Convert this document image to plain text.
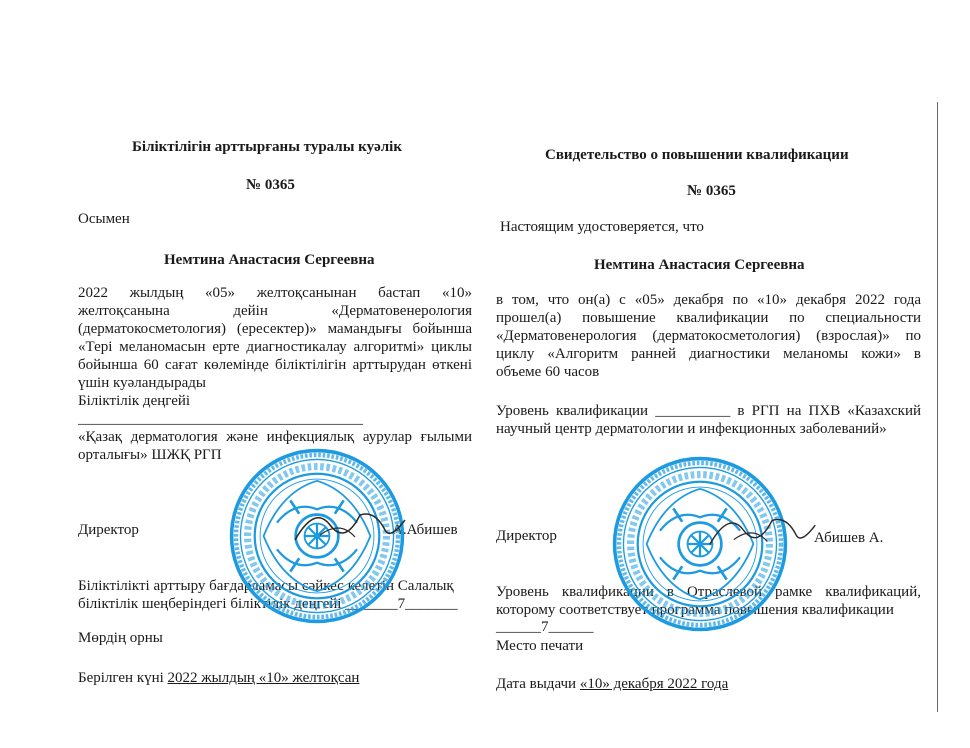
Біліктілігін арттырғаны туралы куәлік
№ 0365
Осымен
Немтина Анастасия Сергеевна
2022 жылдың «05» желтоқсанынан бастап «10»
желтоқсанына дейін «Дерматовенерология
(дерматокосметология) (ересектер)» мамандығы бойынша
«Тері меланомасын ерте диагностикалау алгоритмі» циклы
бойынша 60 сағат көлемінде біліктілігін арттырудан өткені
үшін куәландырады
Біліктілік деңгейі ______________________________________
«Қазақ дерматология және инфекциялық аурулар ғылыми
орталығы» ШЖҚ РГП
Директор	А.Абишев
Біліктілікті арттыру бағдарламасы сәйкес келетін Салалық
біліктілік шеңберіндегі біліктілік деңгейі _______7_______
Мөрдің орны
Берілген күні 2022 жылдың «10» желтоқсан
Свидетельство о повышении квалификации
№ 0365
Настоящим удостоверяется, что
Немтина Анастасия Сергеевна
в том, что он(а) с «05» декабря по «10» декабря 2022 года
прошел(а) повышение квалификации по специальности
«Дерматовенерология (дерматокосметология) (взрослая)» по
циклу «Алгоритм ранней диагностики меланомы кожи» в
объеме 60 часов
Уровень квалификации __________ в РГП на ПХВ «Казахский
научный центр дерматологии и инфекционных заболеваний»
Директор	Абишев А.
Уровень квалификации в Отраслевой рамке квалификаций,
которому соответствует программа повышения квалификации
______7______
Место печати
Дата выдачи «10» декабря 2022 года
